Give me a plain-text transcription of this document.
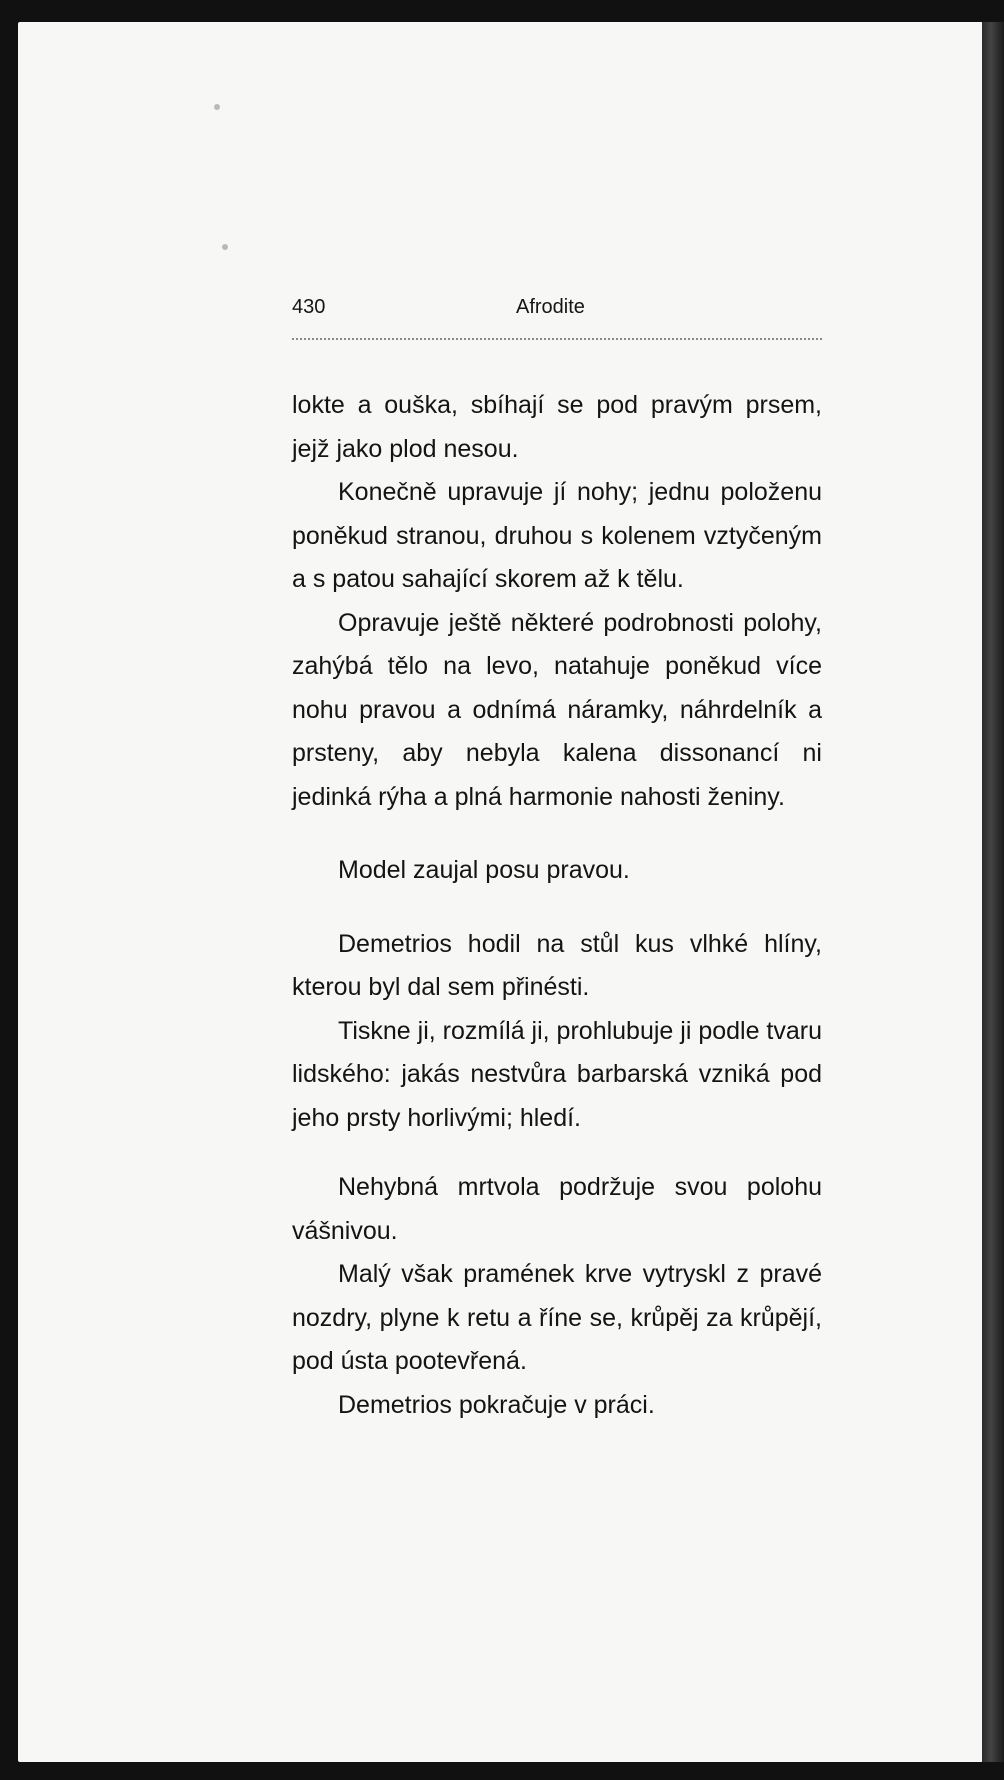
430	Afrodite

lokte a ouška, sbíhají se pod pravým prsem, jejž jako plod nesou.

Konečně upravuje jí nohy; jednu položenu poněkud stranou, druhou s kolenem vztyčeným a s patou sahající skorem až k tělu.

Opravuje ještě některé podrobnosti polohy, zahýbá tělo na levo, natahuje poněkud více nohu pravou a odnímá náramky, náhrdelník a prsteny, aby nebyla kalena dissonancí ni jedinká rýha a plná harmonie nahosti ženiny.

Model zaujal posu pravou.

Demetrios hodil na stůl kus vlhké hlíny, kterou byl dal sem přinésti.

Tiskne ji, rozmílá ji, prohlubuje ji podle tvaru lidského: jakás nestvůra barbarská vzniká pod jeho prsty horlivými; hledí.

Nehybná mrtvola podržuje svou polohu vášnivou.

Malý však pramének krve vytryskl z pravé nozdry, plyne k retu a říne se, krůpěj za krůpějí, pod ústa pootevřená.

Demetrios pokračuje v práci.
